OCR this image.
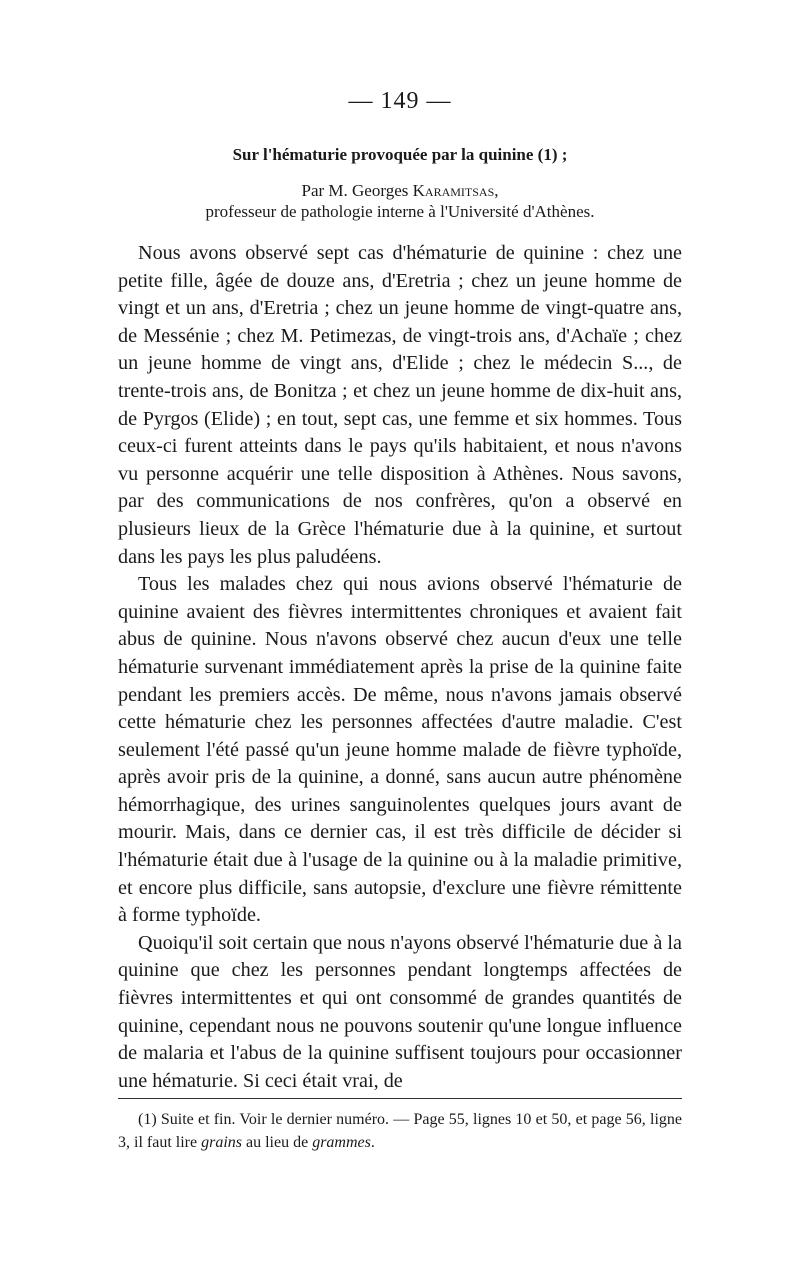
— 149 —
Sur l'hématurie provoquée par la quinine (1) ;
Par M. Georges Karamitsas,
professeur de pathologie interne à l'Université d'Athènes.

Nous avons observé sept cas d'hématurie de quinine : chez une petite fille, âgée de douze ans, d'Eretria ; chez un jeune homme de vingt et un ans, d'Eretria ; chez un jeune homme de vingt-quatre ans, de Messénie ; chez M. Petimezas, de vingt-trois ans, d'Achaïe ; chez un jeune homme de vingt ans, d'Elide ; chez le médecin S..., de trente-trois ans, de Bonitza ; et chez un jeune homme de dix-huit ans, de Pyrgos (Elide) ; en tout, sept cas, une femme et six hommes. Tous ceux-ci furent atteints dans le pays qu'ils habitaient, et nous n'avons vu personne acquérir une telle disposition à Athènes. Nous savons, par des communications de nos confrères, qu'on a observé en plusieurs lieux de la Grèce l'hématurie due à la quinine, et surtout dans les pays les plus paludéens.

Tous les malades chez qui nous avions observé l'hématurie de quinine avaient des fièvres intermittentes chroniques et avaient fait abus de quinine. Nous n'avons observé chez aucun d'eux une telle hématurie survenant immédiatement après la prise de la quinine faite pendant les premiers accès. De même, nous n'avons jamais observé cette hématurie chez les personnes affectées d'autre maladie. C'est seulement l'été passé qu'un jeune homme malade de fièvre typhoïde, après avoir pris de la quinine, a donné, sans aucun autre phénomène hémorrhagique, des urines sanguinolentes quelques jours avant de mourir. Mais, dans ce dernier cas, il est très difficile de décider si l'hématurie était due à l'usage de la quinine ou à la maladie primitive, et encore plus difficile, sans autopsie, d'exclure une fièvre rémittente à forme typhoïde.

Quoiqu'il soit certain que nous n'ayons observé l'hématurie due à la quinine que chez les personnes pendant longtemps affectées de fièvres intermittentes et qui ont consommé de grandes quantités de quinine, cependant nous ne pouvons soutenir qu'une longue influence de malaria et l'abus de la quinine suffisent toujours pour occasionner une hématurie. Si ceci était vrai, de

(1) Suite et fin. Voir le dernier numéro. — Page 55, lignes 10 et 50, et page 56, ligne 3, il faut lire grains au lieu de grammes.
